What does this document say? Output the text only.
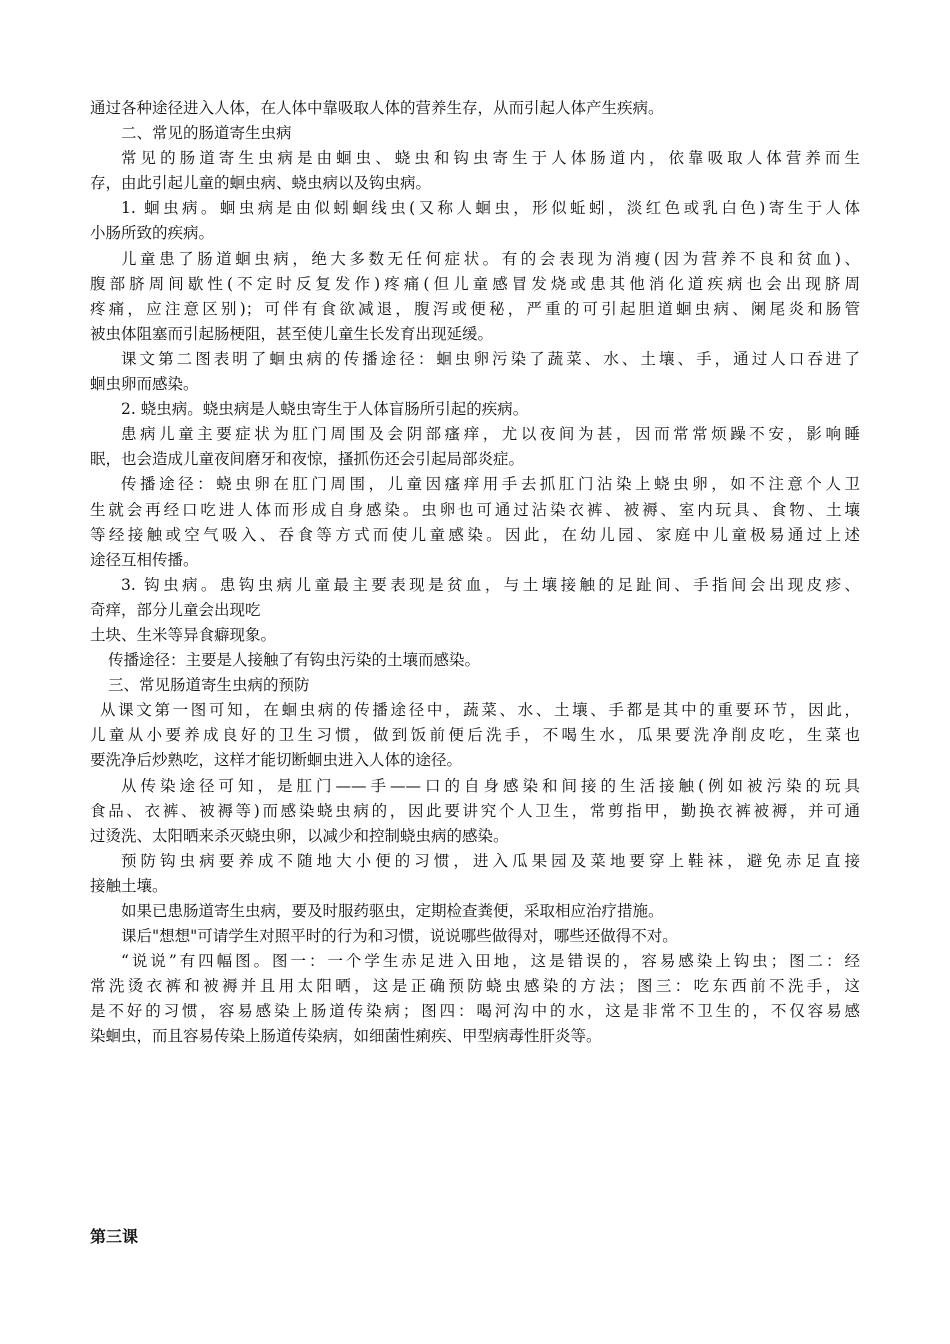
通过各种途径进入人体，在人体中靠吸取人体的营养生存，从而引起人体产生疾病。
二、常见的肠道寄生虫病
常见的肠道寄生虫病是由蛔虫、蛲虫和钩虫寄生于人体肠道内，依靠吸取人体营养而生
存，由此引起儿童的蛔虫病、蛲虫病以及钩虫病。
1. 蛔虫病。蛔虫病是由似蚓蛔线虫(又称人蛔虫，形似蚯蚓，淡红色或乳白色)寄生于人体
小肠所致的疾病。
儿童患了肠道蛔虫病，绝大多数无任何症状。有的会表现为消瘦(因为营养不良和贫血)、
腹部脐周间歇性(不定时反复发作)疼痛(但儿童感冒发烧或患其他消化道疾病也会出现脐周
疼痛，应注意区别)；可伴有食欲减退，腹泻或便秘，严重的可引起胆道蛔虫病、阑尾炎和肠管
被虫体阻塞而引起肠梗阻，甚至使儿童生长发育出现延缓。
课文第二图表明了蛔虫病的传播途径：蛔虫卵污染了蔬菜、水、土壤、手，通过人口吞进了
蛔虫卵而感染。
2. 蛲虫病。蛲虫病是人蛲虫寄生于人体盲肠所引起的疾病。
患病儿童主要症状为肛门周围及会阴部瘙痒，尤以夜间为甚，因而常常烦躁不安，影响睡
眠，也会造成儿童夜间磨牙和夜惊，搔抓伤还会引起局部炎症。
传播途径：蛲虫卵在肛门周围，儿童因瘙痒用手去抓肛门沾染上蛲虫卵，如不注意个人卫
生就会再经口吃进人体而形成自身感染。虫卵也可通过沾染衣裤、被褥、室内玩具、食物、土壤
等经接触或空气吸入、吞食等方式而使儿童感染。因此，在幼儿园、家庭中儿童极易通过上述
途径互相传播。
3. 钩虫病。患钩虫病儿童最主要表现是贫血，与土壤接触的足趾间、手指间会出现皮疹、
奇痒，部分儿童会出现吃
土块、生米等异食癖现象。
传播途径：主要是人接触了有钩虫污染的土壤而感染。
三、常见肠道寄生虫病的预防
从课文第一图可知，在蛔虫病的传播途径中，蔬菜、水、土壤、手都是其中的重要环节，因此，
儿童从小要养成良好的卫生习惯，做到饭前便后洗手，不喝生水，瓜果要洗净削皮吃，生菜也
要洗净后炒熟吃，这样才能切断蛔虫进入人体的途径。
从传染途径可知，是肛门——手——口的自身感染和间接的生活接触(例如被污染的玩具
食品、衣裤、被褥等)而感染蛲虫病的，因此要讲究个人卫生，常剪指甲，勤换衣裤被褥，并可通
过烫洗、太阳晒来杀灭蛲虫卵，以减少和控制蛲虫病的感染。
预防钩虫病要养成不随地大小便的习惯，进入瓜果园及菜地要穿上鞋袜，避免赤足直接
接触土壤。
如果已患肠道寄生虫病，要及时服药驱虫，定期检查粪便，采取相应治疗措施。
课后"想想"可请学生对照平时的行为和习惯，说说哪些做得对，哪些还做得不对。
“说说”有四幅图。图一：一个学生赤足进入田地，这是错误的，容易感染上钩虫；图二：经
常洗烫衣裤和被褥并且用太阳晒，这是正确预防蛲虫感染的方法；图三：吃东西前不洗手，这
是不好的习惯，容易感染上肠道传染病；图四：喝河沟中的水，这是非常不卫生的，不仅容易感
染蛔虫，而且容易传染上肠道传染病，如细菌性痢疾、甲型病毒性肝炎等。
第三课
